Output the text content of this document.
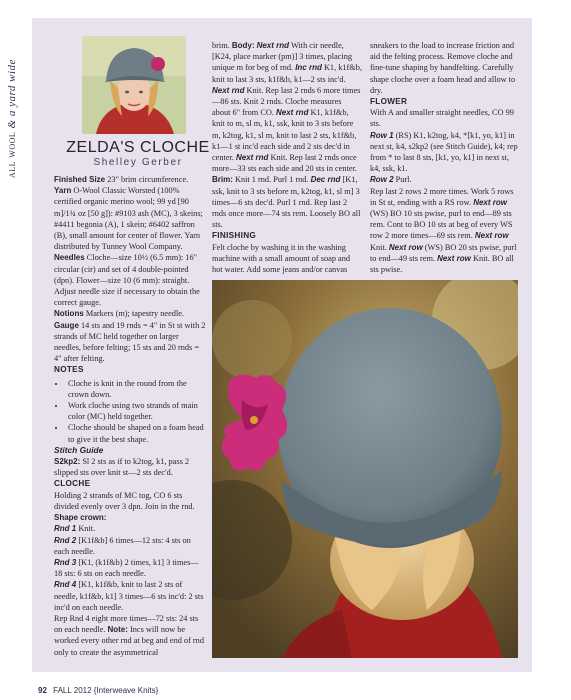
all wool & a yard wide
ZELDA'S CLOCHE
Shelley Gerber

Finished Size 23" brim circumference.

Yarn O-Wool Classic Worsted (100% certified organic merino wool; 99 yd [90 m]/1¾ oz [50 g]): #9103 ash (MC), 3 skeins; #4411 begonia (A), 1 skein; #6402 saffron (B), small amount for center of flower. Yarn distributed by Tunney Wool Company.

Needles Cloche—size 10½ (6.5 mm): 16" circular (cir) and set of 4 double-pointed (dpn). Flower—size 10 (6 mm): straight. Adjust needle size if necessary to obtain the correct gauge.

Notions Markers (m); tapestry needle.

Gauge 14 sts and 19 rnds = 4" in St st with 2 strands of MC held together on larger needles, before felting; 15 sts and 20 rnds = 4" after felting.

NOTES

• Cloche is knit in the round from the crown down.
• Work cloche using two strands of main color (MC) held together.
• Cloche should be shaped on a foam head to give it the best shape.

Stitch Guide

S2kp2: Sl 2 sts as if to k2tog, k1, pass 2 slipped sts over knit st—2 sts dec'd.

CLOCHE

Holding 2 strands of MC tog, CO 6 sts divided evenly over 3 dpn. Join in the rnd.

Shape crown:

Rnd 1 Knit.

Rnd 2 [K1f&b] 6 times—12 sts: 4 sts on each needle.

Rnd 3 [K1, (k1f&b) 2 times, k1] 3 times—18 sts: 6 sts on each needle.

Rnd 4 [K1, k1f&b, knit to last 2 sts of needle, k1f&b, k1] 3 times—6 sts inc'd: 2 sts inc'd on each needle.

Rep Rnd 4 eight more times—72 sts: 24 sts on each needle. Note: Incs will now be worked every other rnd at beg and end of rnd only to create the asymmetrical

brim. Body: Next rnd With cir needle, [K24, place marker (pm)] 3 times, placing unique m for beg of rnd. Inc rnd K1, k1f&b, knit to last 3 sts, k1f&b, k1—2 sts inc'd. Next rnd Knit. Rep last 2 rnds 6 more times—86 sts. Knit 2 rnds. Cloche measures about 6" from CO. Next rnd K1, k1f&b, knit to m, sl m, k1, ssk, knit to 3 sts before m, k2tog, k1, sl m, knit to last 2 sts, k1f&b, k1—1 st inc'd each side and 2 sts dec'd in center. Next rnd Knit. Rep last 2 rnds once more—33 sts each side and 20 sts in center. Brim: Knit 1 rnd. Purl 1 rnd. Dec rnd [K1, ssk, knit to 3 sts before m, k2tog, k1, sl m] 3 times—6 sts dec'd. Purl 1 rnd. Rep last 2 rnds once more—74 sts rem. Loosely BO all sts.

FINISHING

Felt cloche by washing it in the washing machine with a small amount of soap and hot water. Add some jeans and/or canvas

sneakers to the load to increase friction and aid the felting process. Remove cloche and fine-tune shaping by handfelting. Carefully shape cloche over a foam head and allow to dry.

FLOWER

With A and smaller straight needles, CO 99 sts.

Row 1 (RS) K1, k2tog, k4, *[k1, yo, k1] in next st, k4, s2kp2 (see Stitch Guide), k4; rep from * to last 8 sts, [k1, yo, k1] in next st, k4, ssk, k1.

Row 2 Purl.

Rep last 2 rows 2 more times. Work 5 rows in St st, ending with a RS row. Next row (WS) BO 10 sts pwise, purl to end—89 sts rem. Cont to BO 10 sts at beg of every WS row 2 more times—69 sts rem. Next row Knit. Next row (WS) BO 20 sts pwise, purl to end—49 sts rem. Next row Knit. BO all sts pwise.

92 FALL 2012 {Interweave Knits}
